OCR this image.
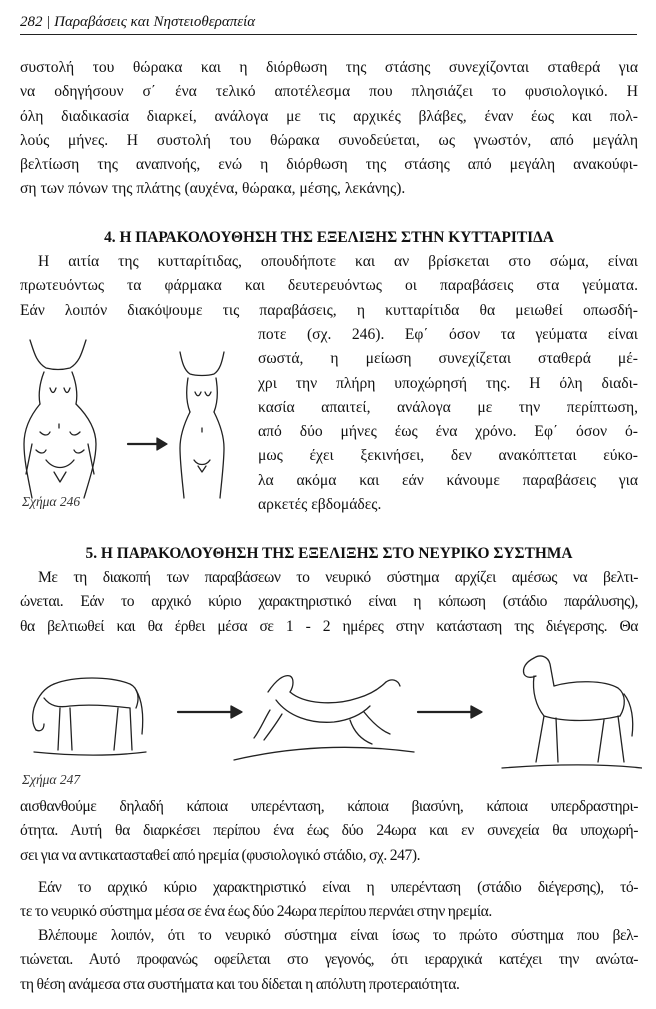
282 | Παραβάσεις και Νηστειοθεραπεία
συστολή του θώρακα και η διόρθωση της στάσης συνεχίζονται σταθερά για
να οδηγήσουν σ΄ ένα τελικό αποτέλεσμα που πλησιάζει το φυσιολογικό. Η
όλη διαδικασία διαρκεί, ανάλογα με τις αρχικές βλάβες, έναν έως και πολ-
λούς μήνες. Η συστολή του θώρακα συνοδεύεται, ως γνωστόν, από μεγάλη
βελτίωση της αναπνοής, ενώ η διόρθωση της στάσης από μεγάλη ανακούφι-
ση των πόνων της πλάτης (αυχένα, θώρακα, μέσης, λεκάνης).
4. Η ΠΑΡΑΚΟΛΟΥΘΗΣΗ ΤΗΣ ΕΞΕΛΙΞΗΣ ΣΤΗΝ ΚΥΤΤΑΡΙΤΙΔΑ
Η αιτία της κυτταρίτιδας, οπουδήποτε και αν βρίσκεται στο σώμα, είναι
πρωτευόντως τα φάρμακα και δευτερευόντως οι παραβάσεις στα γεύματα.
Εάν λοιπόν διακόψουμε τις παραβάσεις, η κυτταρίτιδα θα μειωθεί οπωσδή-
ποτε (σχ. 246). Εφ΄ όσον τα γεύματα είναι
σωστά, η μείωση συνεχίζεται σταθερά μέ-
χρι την πλήρη υποχώρησή της. Η όλη διαδι-
κασία απαιτεί, ανάλογα με την περίπτωση,
από δύο μήνες έως ένα χρόνο. Εφ΄ όσον ό-
μως έχει ξεκινήσει, δεν ανακόπτεται εύκο-
λα ακόμα και εάν κάνουμε παραβάσεις για
αρκετές εβδομάδες.
Σχήμα 246
5. Η ΠΑΡΑΚΟΛΟΥΘΗΣΗ ΤΗΣ ΕΞΕΛΙΞΗΣ ΣΤΟ ΝΕΥΡΙΚΟ ΣΥΣΤΗΜΑ
Με τη διακοπή των παραβάσεων το νευρικό σύστημα αρχίζει αμέσως να βελτι-
ώνεται. Εάν το αρχικό κύριο χαρακτηριστικό είναι η κόπωση (στάδιο παράλυσης),
θα βελτιωθεί και θα έρθει μέσα σε 1 - 2 ημέρες στην κατάσταση της διέγερσης. Θα
Σχήμα 247
αισθανθούμε δηλαδή κάποια υπερένταση, κάποια βιασύνη, κάποια υπερδραστηρι-
ότητα. Αυτή θα διαρκέσει περίπου ένα έως δύο 24ωρα και εν συνεχεία θα υποχωρή-
σει για να αντικατασταθεί από ηρεμία (φυσιολογικό στάδιο, σχ. 247).
Εάν το αρχικό κύριο χαρακτηριστικό είναι η υπερένταση (στάδιο διέγερσης), τό-
τε το νευρικό σύστημα μέσα σε ένα έως δύο 24ωρα περίπου περνάει στην ηρεμία.
Βλέπουμε λοιπόν, ότι το νευρικό σύστημα είναι ίσως το πρώτο σύστημα που βελ-
τιώνεται. Αυτό προφανώς οφείλεται στο γεγονός, ότι ιεραρχικά κατέχει την ανώτα-
τη θέση ανάμεσα στα συστήματα και του δίδεται η απόλυτη προτεραιότητα.
